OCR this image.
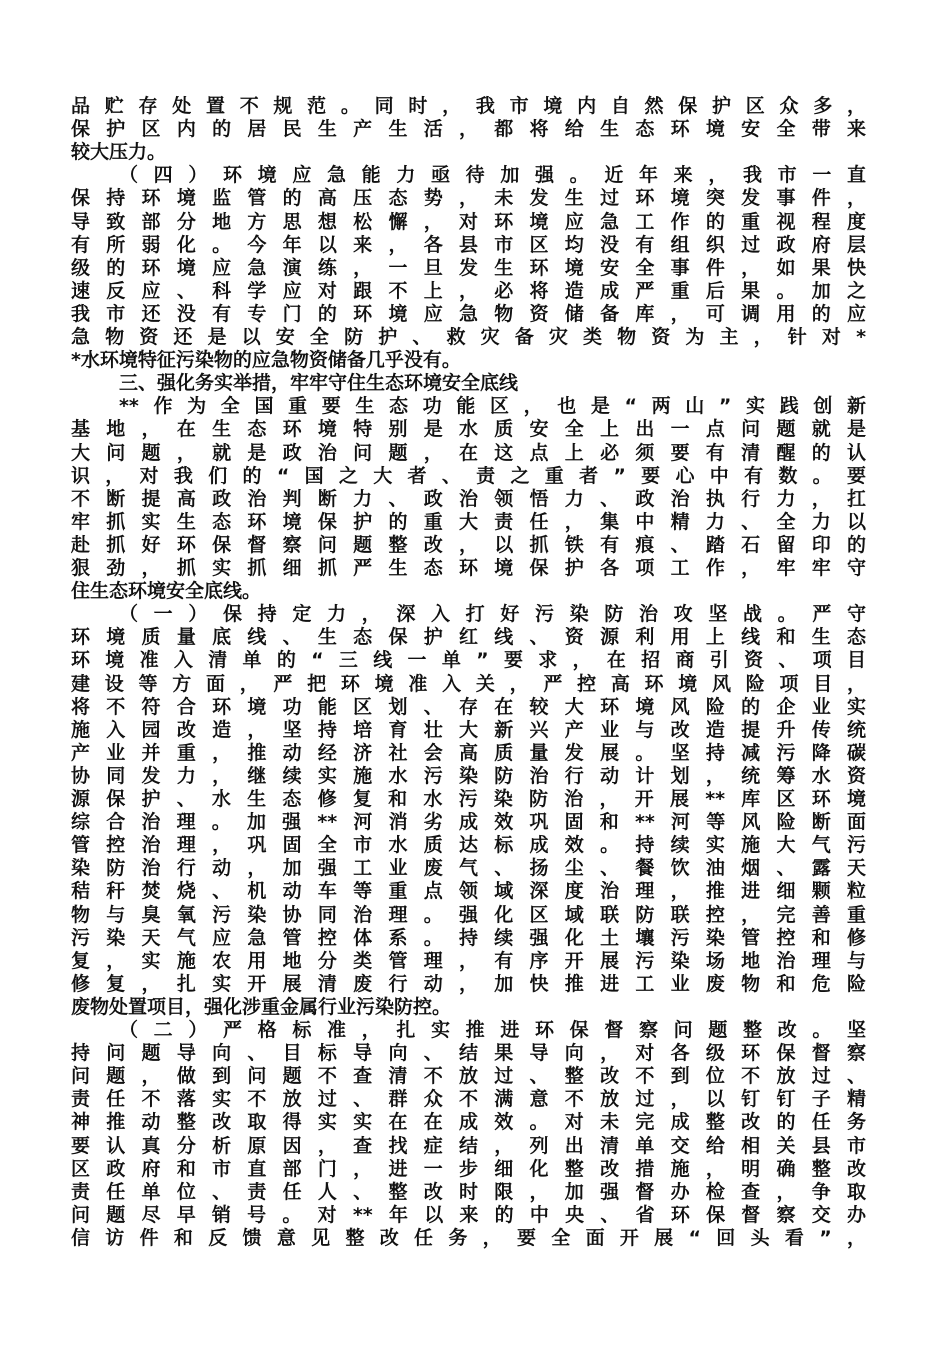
品贮存处置不规范。同时，我市境内自然保护区众多，
保护区内的居民生产生活，都将给生态环境安全带来
较大压力。
（四）环境应急能力亟待加强。近年来，我市一直
保持环境监管的高压态势，未发生过环境突发事件，
导致部分地方思想松懈，对环境应急工作的重视程度
有所弱化。今年以来，各县市区均没有组织过政府层
级的环境应急演练，一旦发生环境安全事件，如果快
速反应、科学应对跟不上，必将造成严重后果。加之
我市还没有专门的环境应急物资储备库，可调用的应
急物资还是以安全防护、救灾备灾类物资为主，针对*
*水环境特征污染物的应急物资储备几乎没有。
三、强化务实举措，牢牢守住生态环境安全底线
**作为全国重要生态功能区，也是“两山”实践创新
基地，在生态环境特别是水质安全上出一点问题就是
大问题，就是政治问题，在这点上必须要有清醒的认
识，对我们的“国之大者、责之重者”要心中有数。要
不断提高政治判断力、政治领悟力、政治执行力，扛
牢抓实生态环境保护的重大责任，集中精力、全力以
赴抓好环保督察问题整改，以抓铁有痕、踏石留印的
狠劲，抓实抓细抓严生态环境保护各项工作，牢牢守
住生态环境安全底线。
（一）保持定力，深入打好污染防治攻坚战。严守
环境质量底线、生态保护红线、资源利用上线和生态
环境准入清单的“三线一单”要求，在招商引资、项目
建设等方面，严把环境准入关，严控高环境风险项目，
将不符合环境功能区划、存在较大环境风险的企业实
施入园改造，坚持培育壮大新兴产业与改造提升传统
产业并重，推动经济社会高质量发展。坚持减污降碳
协同发力，继续实施水污染防治行动计划，统筹水资
源保护、水生态修复和水污染防治，开展**库区环境
综合治理。加强**河消劣成效巩固和**河等风险断面
管控治理，巩固全市水质达标成效。持续实施大气污
染防治行动，加强工业废气、扬尘、餐饮油烟、露天
秸秆焚烧、机动车等重点领域深度治理，推进细颗粒
物与臭氧污染协同治理。强化区域联防联控，完善重
污染天气应急管控体系。持续强化土壤污染管控和修
复，实施农用地分类管理，有序开展污染场地治理与
修复，扎实开展清废行动，加快推进工业废物和危险
废物处置项目，强化涉重金属行业污染防控。
（二）严格标准，扎实推进环保督察问题整改。坚
持问题导向、目标导向、结果导向，对各级环保督察
问题，做到问题不查清不放过、整改不到位不放过、
责任不落实不放过、群众不满意不放过，以钉钉子精
神推动整改取得实实在在成效。对未完成整改的任务
要认真分析原因，查找症结，列出清单交给相关县市
区政府和市直部门，进一步细化整改措施，明确整改
责任单位、责任人、整改时限，加强督办检查，争取
问题尽早销号。对**年以来的中央、省环保督察交办
信访件和反馈意见整改任务，要全面开展“回头看”，
